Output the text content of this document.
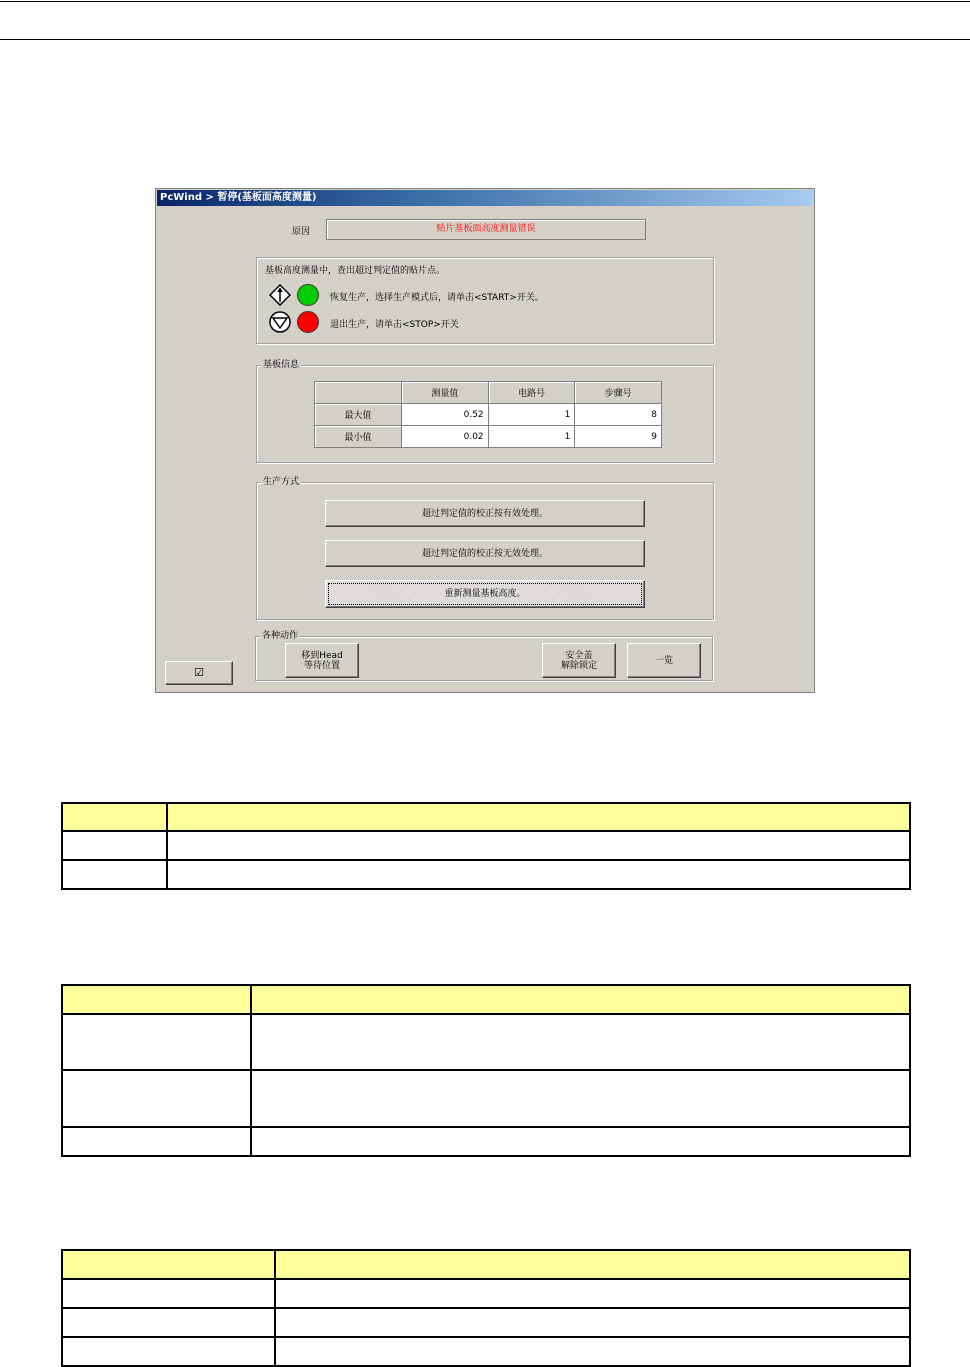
PcWind > 暂停(基板面高度测量)
原因	贴片基板面高度测量错误
基板高度测量中，查出超过判定值的贴片点。
恢复生产，选择生产模式后，请单击<START>开关。
退出生产，请单击<STOP>开关
基板信息
	测量值	电路号	步骤号
最大值	0.52	1	8
最小值	0.02	1	9
生产方式
超过判定值的校正按有效处理。
超过判定值的校正按无效处理。
重新测量基板高度。
各种动作
移到Head
等待位置
安全盖
解除锁定	一览
☑
